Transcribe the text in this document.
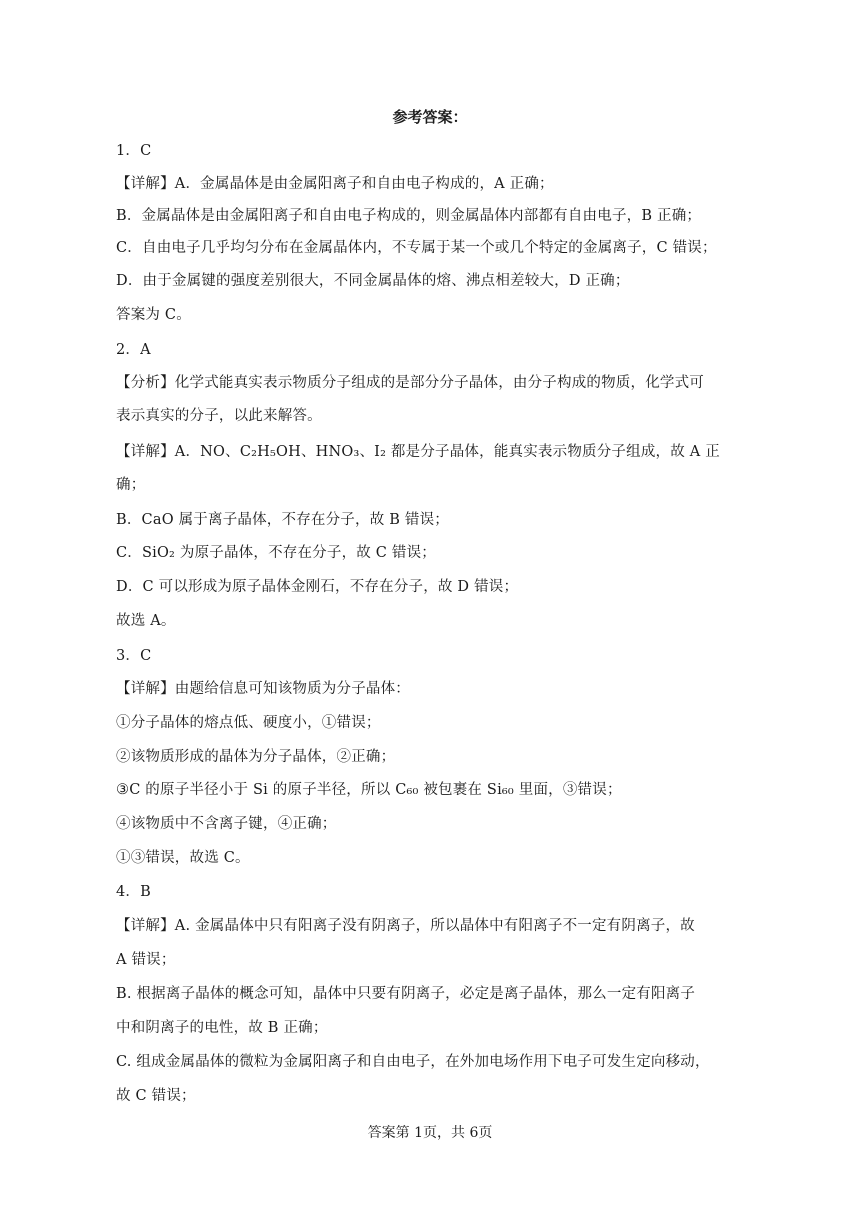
参考答案：
1．C
【详解】A．金属晶体是由金属阳离子和自由电子构成的，A 正确；
B．金属晶体是由金属阳离子和自由电子构成的，则金属晶体内部都有自由电子，B 正确；
C．自由电子几乎均匀分布在金属晶体内，不专属于某一个或几个特定的金属离子，C 错误；
D．由于金属键的强度差别很大，不同金属晶体的熔、沸点相差较大，D 正确；
答案为 C。
2．A
【分析】化学式能真实表示物质分子组成的是部分分子晶体，由分子构成的物质，化学式可
表示真实的分子，以此来解答。
【详解】A．NO、C₂H₅OH、HNO₃、I₂ 都是分子晶体，能真实表示物质分子组成，故 A 正
确；
B．CaO 属于离子晶体，不存在分子，故 B 错误；
C．SiO₂ 为原子晶体，不存在分子，故 C 错误；
D．C 可以形成为原子晶体金刚石，不存在分子，故 D 错误；
故选 A。
3．C
【详解】由题给信息可知该物质为分子晶体：
①分子晶体的熔点低、硬度小，①错误；
②该物质形成的晶体为分子晶体，②正确；
③C 的原子半径小于 Si 的原子半径，所以 C₆₀ 被包裹在 Si₆₀ 里面，③错误；
④该物质中不含离子键，④正确；
①③错误，故选 C。
4．B
【详解】A. 金属晶体中只有阳离子没有阴离子，所以晶体中有阳离子不一定有阴离子，故
A 错误；
B. 根据离子晶体的概念可知，晶体中只要有阴离子，必定是离子晶体，那么一定有阳离子
中和阴离子的电性，故 B 正确；
C. 组成金属晶体的微粒为金属阳离子和自由电子，在外加电场作用下电子可发生定向移动，
故 C 错误；
答案第 1页，共 6页
